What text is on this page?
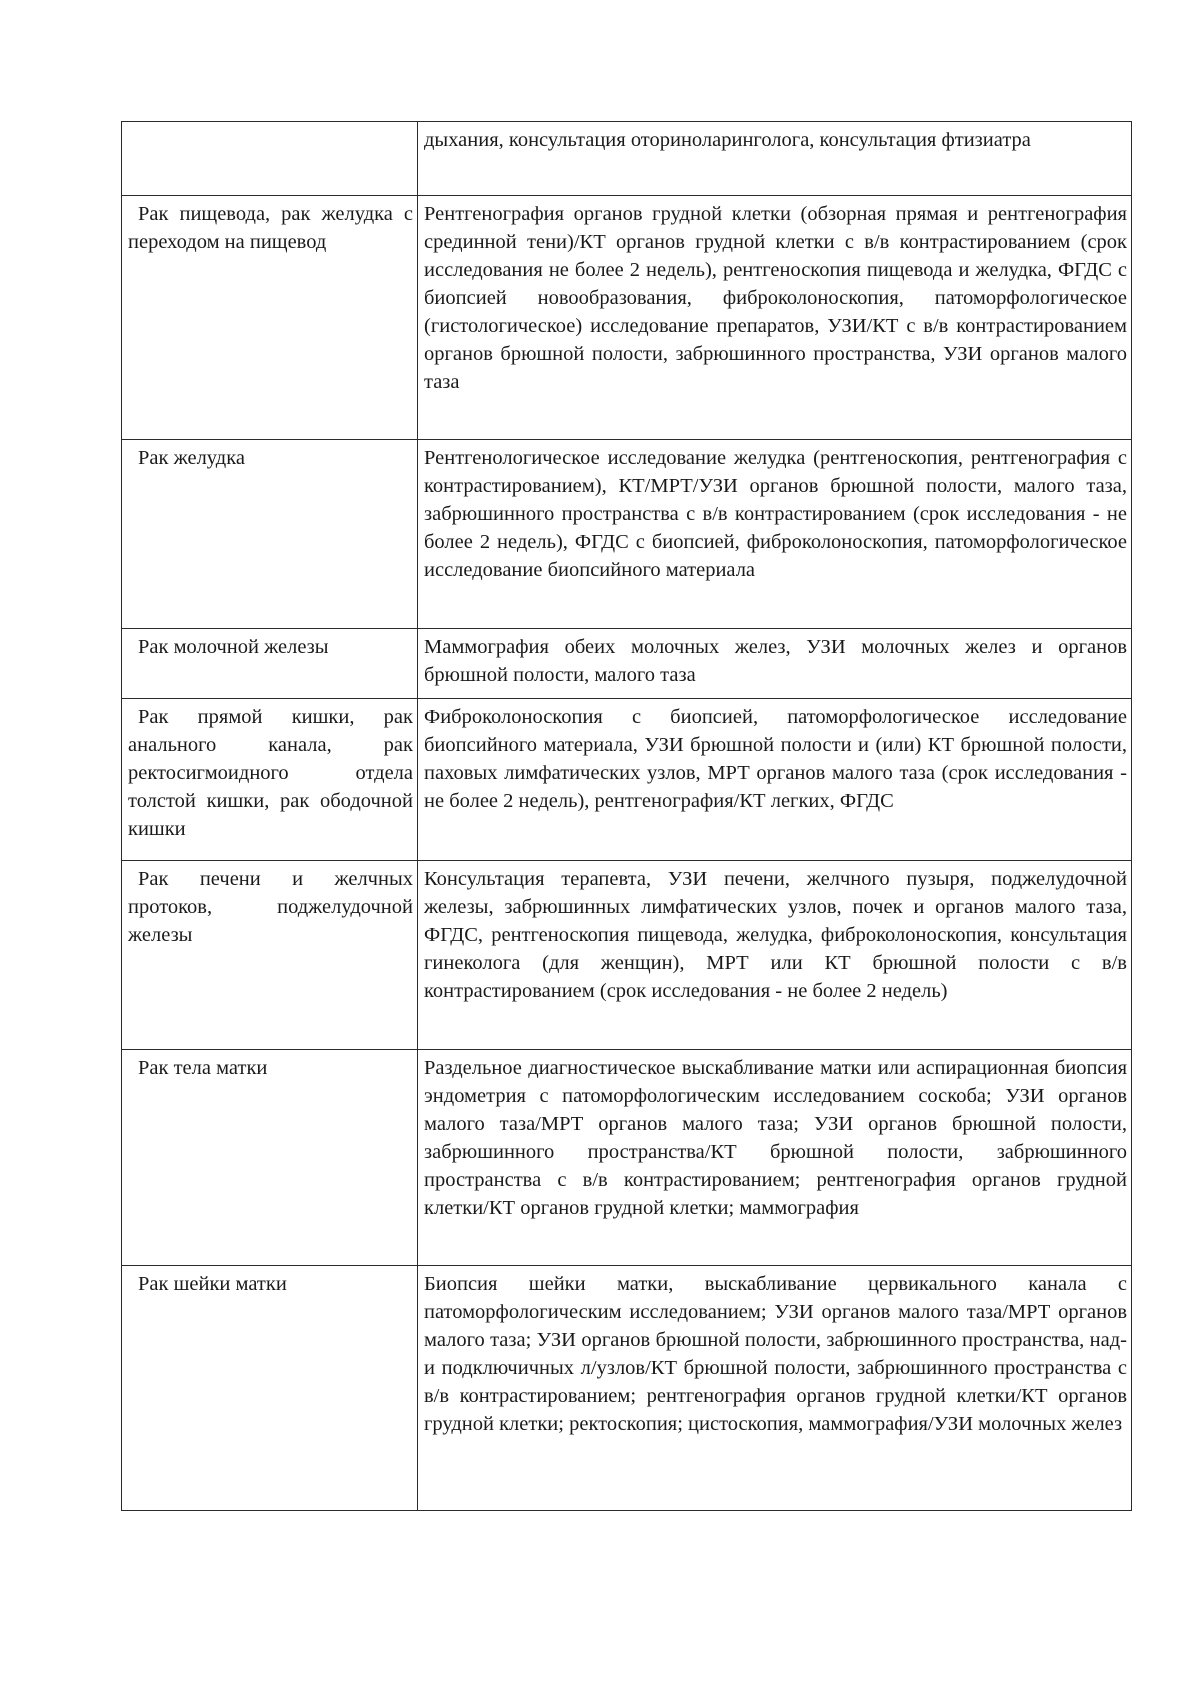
	дыхания, консультация оториноларинголога, консультация фтизиатра

Рак пищевода, рак желудка с переходом на пищевод	Рентгенография органов грудной клетки (обзорная прямая и рентгенография срединной тени)/КТ органов грудной клетки с в/в контрастированием (срок исследования не более 2 недель), рентгеноскопия пищевода и желудка, ФГДС с биопсией новообразования, фиброколоноскопия, патоморфологическое (гистологическое) исследование препаратов, УЗИ/КТ с в/в контрастированием органов брюшной полости, забрюшинного пространства, УЗИ органов малого таза

Рак желудка	Рентгенологическое исследование желудка (рентгеноскопия, рентгенография с контрастированием), КТ/МРТ/УЗИ органов брюшной полости, малого таза, забрюшинного пространства с в/в контрастированием (срок исследования - не более 2 недель), ФГДС с биопсией, фиброколоноскопия, патоморфологическое исследование биопсийного материала

Рак молочной железы	Маммография обеих молочных желез, УЗИ молочных желез и органов брюшной полости, малого таза

Рак прямой кишки, рак анального канала, рак ректосигмоидного отдела толстой кишки, рак ободочной кишки	Фиброколоноскопия с биопсией, патоморфологическое исследование биопсийного материала, УЗИ брюшной полости и (или) КТ брюшной полости, паховых лимфатических узлов, МРТ органов малого таза (срок исследования - не более 2 недель), рентгенография/КТ легких, ФГДС

Рак печени и желчных протоков, поджелудочной железы	Консультация терапевта, УЗИ печени, желчного пузыря, поджелудочной железы, забрюшинных лимфатических узлов, почек и органов малого таза, ФГДС, рентгеноскопия пищевода, желудка, фиброколоноскопия, консультация гинеколога (для женщин), МРТ или КТ брюшной полости с в/в контрастированием (срок исследования - не более 2 недель)

Рак тела матки	Раздельное диагностическое выскабливание матки или аспирационная биопсия эндометрия с патоморфологическим исследованием соскоба; УЗИ органов малого таза/МРТ органов малого таза; УЗИ органов брюшной полости, забрюшинного пространства/КТ брюшной полости, забрюшинного пространства с в/в контрастированием; рентгенография органов грудной клетки/КТ органов грудной клетки; маммография

Рак шейки матки	Биопсия шейки матки, выскабливание цервикального канала с патоморфологическим исследованием; УЗИ органов малого таза/МРТ органов малого таза; УЗИ органов брюшной полости, забрюшинного пространства, над- и подключичных л/узлов/КТ брюшной полости, забрюшинного пространства с в/в контрастированием; рентгенография органов грудной клетки/КТ органов грудной клетки; ректоскопия; цистоскопия, маммография/УЗИ молочных желез
